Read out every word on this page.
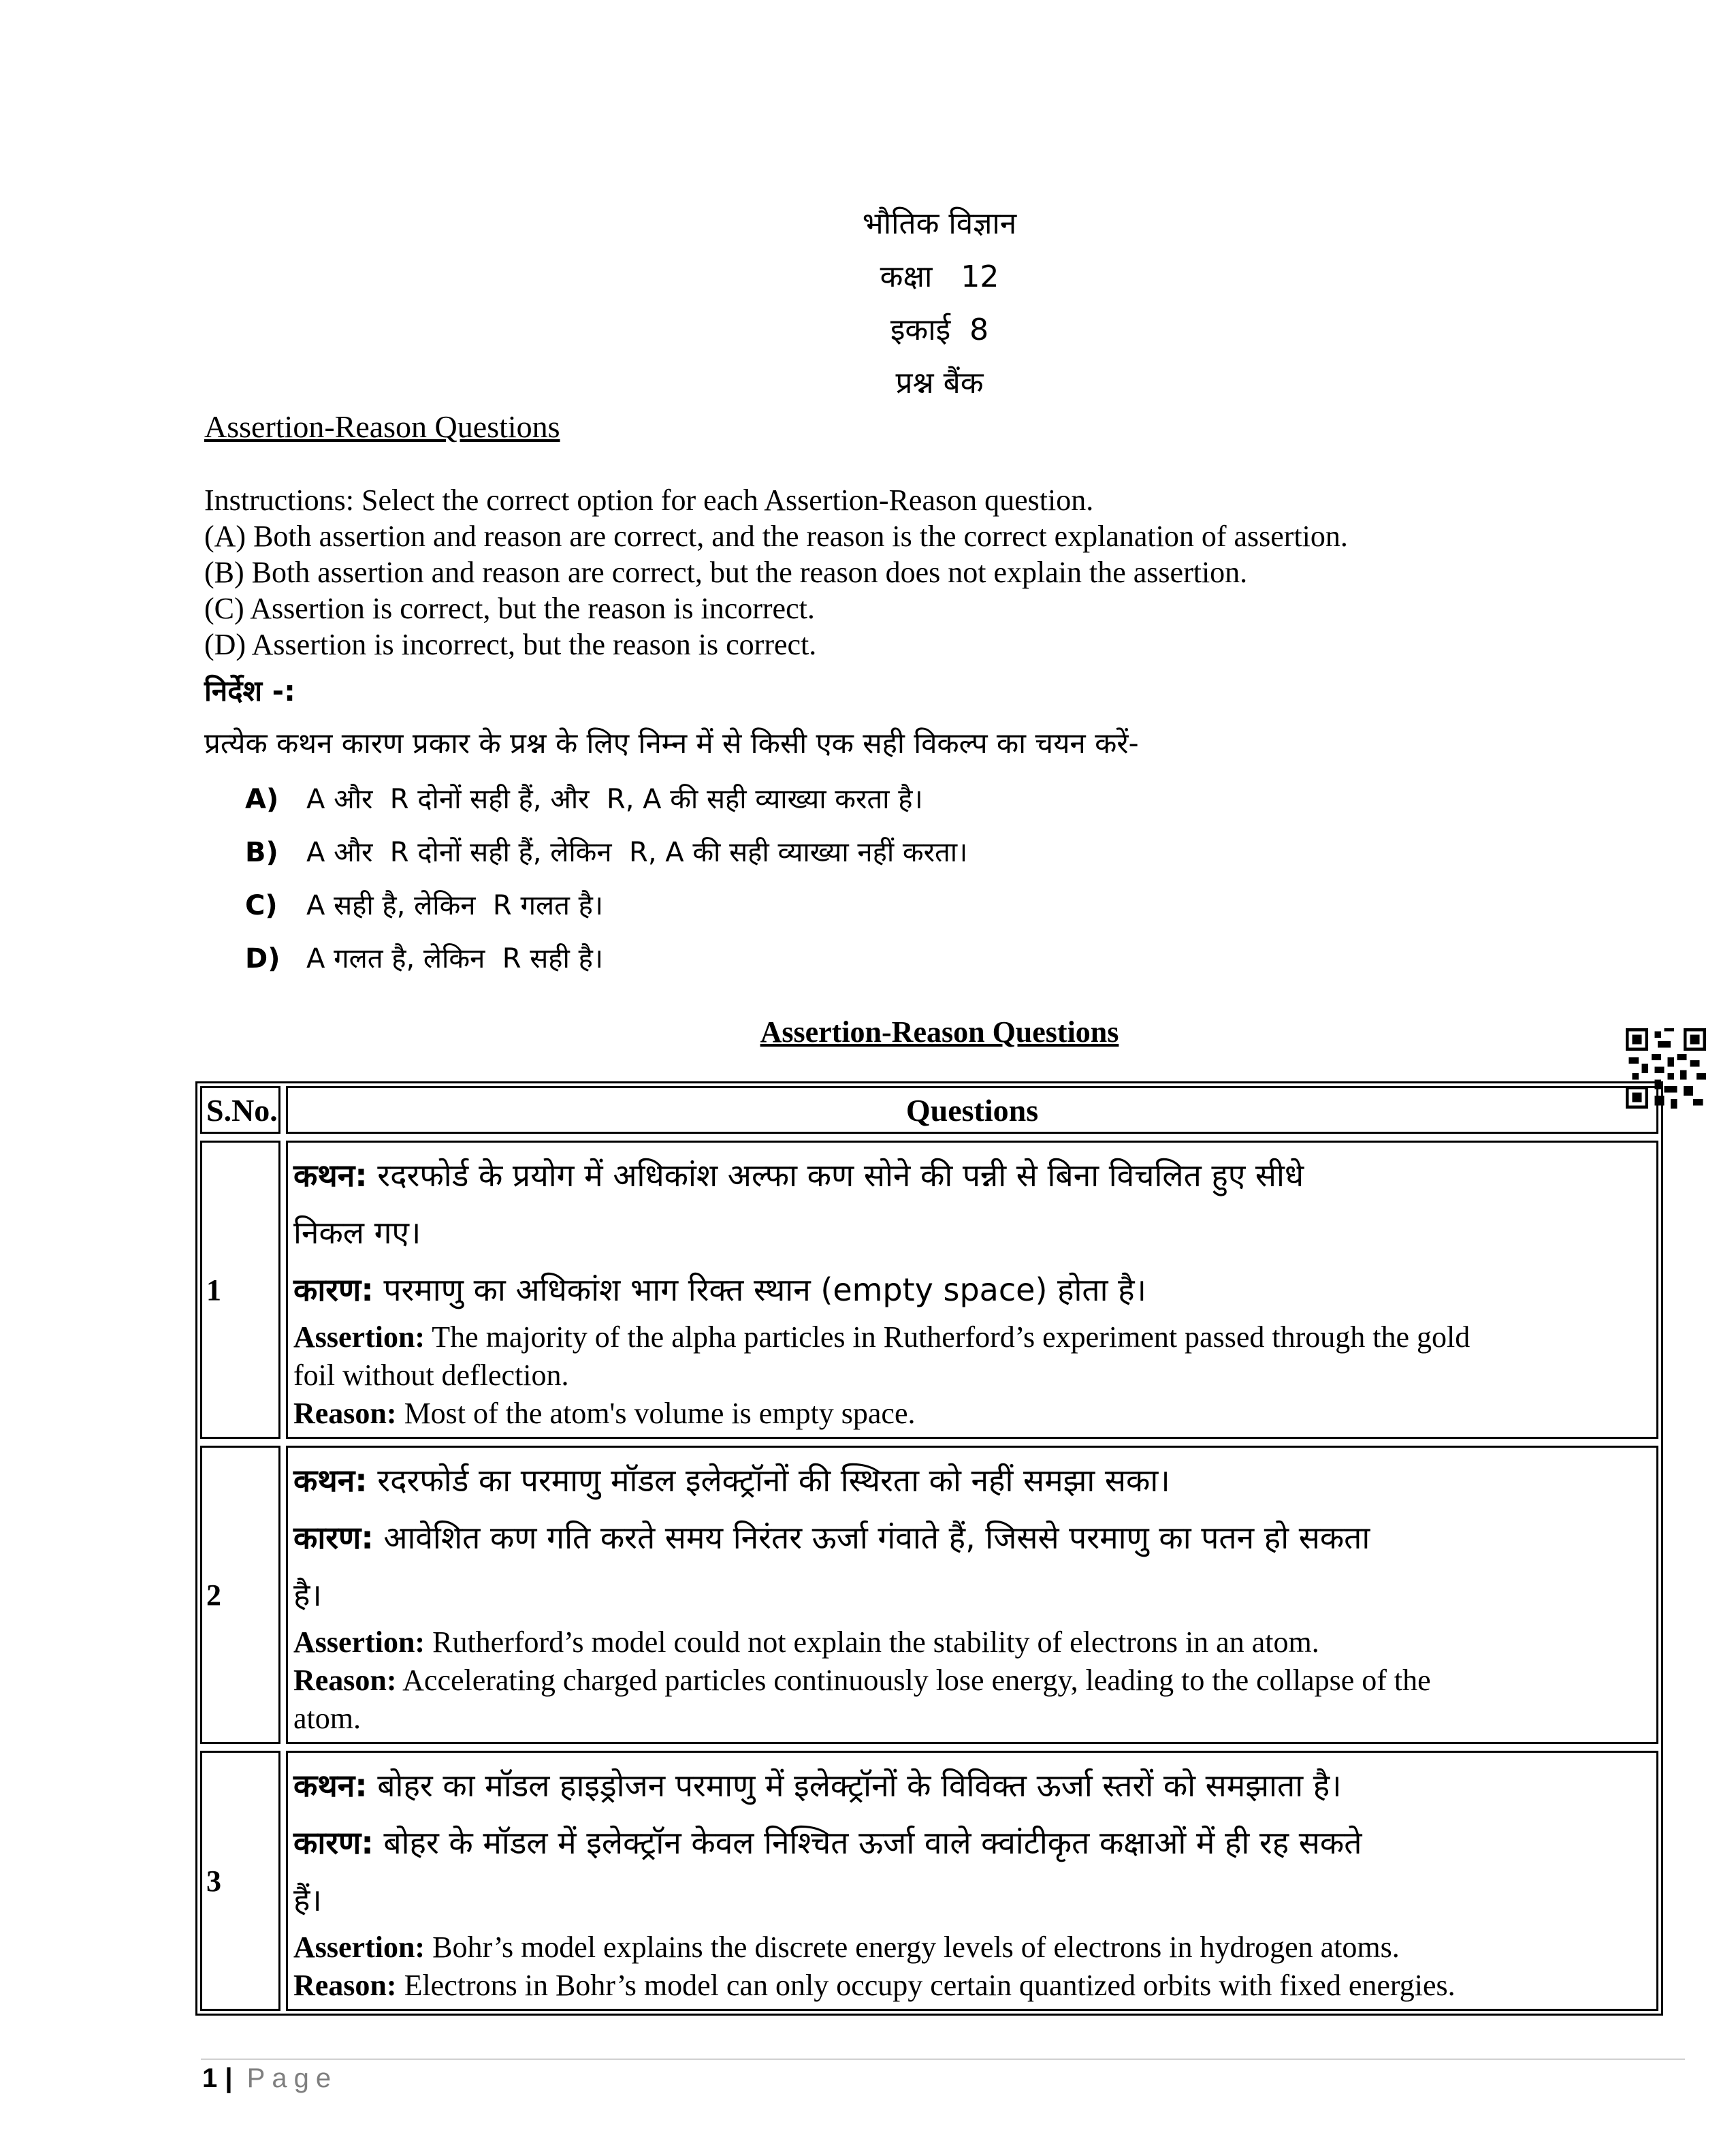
भौतिक विज्ञान
कक्षा   12
इकाई  8
प्रश्न बैंक
Assertion-Reason Questions
Instructions: Select the correct option for each Assertion-Reason question.
(A) Both assertion and reason are correct, and the reason is the correct explanation of assertion.
(B) Both assertion and reason are correct, but the reason does not explain the assertion.
(C) Assertion is correct, but the reason is incorrect.
(D) Assertion is incorrect, but the reason is correct.
निर्देश -:
प्रत्येक कथन कारण प्रकार के प्रश्न के लिए निम्न में से किसी एक सही विकल्प का चयन करें-
A) A और  R दोनों सही हैं, और  R, A की सही व्याख्या करता है।
B) A और  R दोनों सही हैं, लेकिन  R, A की सही व्याख्या नहीं करता।
C) A सही है, लेकिन  R गलत है।
D) A गलत है, लेकिन  R सही है।
Assertion-Reason Questions
S.No.	Questions
1
कथन: रदरफोर्ड के प्रयोग में अधिकांश अल्फा कण सोने की पन्नी से बिना विचलित हुए सीधे
निकल गए।
कारण: परमाणु का अधिकांश भाग रिक्त स्थान (empty space) होता है।
Assertion: The majority of the alpha particles in Rutherford’s experiment passed through the gold
foil without deflection.
Reason: Most of the atom's volume is empty space.
2
कथन: रदरफोर्ड का परमाणु मॉडल इलेक्ट्रॉनों की स्थिरता को नहीं समझा सका।
कारण: आवेशित कण गति करते समय निरंतर ऊर्जा गंवाते हैं, जिससे परमाणु का पतन हो सकता
है।
Assertion: Rutherford’s model could not explain the stability of electrons in an atom.
Reason: Accelerating charged particles continuously lose energy, leading to the collapse of the
atom.
3
कथन: बोहर का मॉडल हाइड्रोजन परमाणु में इलेक्ट्रॉनों के विविक्त ऊर्जा स्तरों को समझाता है।
कारण: बोहर के मॉडल में इलेक्ट्रॉन केवल निश्चित ऊर्जा वाले क्वांटीकृत कक्षाओं में ही रह सकते
हैं।
Assertion: Bohr’s model explains the discrete energy levels of electrons in hydrogen atoms.
Reason: Electrons in Bohr’s model can only occupy certain quantized orbits with fixed energies.
1 | Page
